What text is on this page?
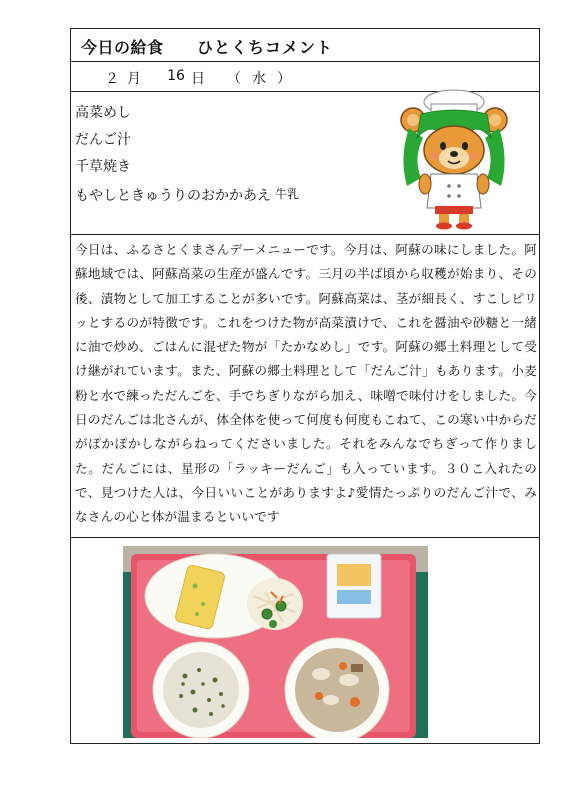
今日の給食 ひとくちコメント
２ 月	16 日	（ 水 ）
高菜めし
だんご汁
千草焼き
もやしときゅうりのおかかあえ 牛乳
今日は、ふるさとくまさんデーメニューです。今月は、阿蘇の味にしました。阿蘇地域では、阿蘇高菜の生産が盛んです。三月の半ば頃から収穫が始まり、その後、漬物として加工することが多いです。阿蘇高菜は、茎が細長く、すこしピリッとするのが特徴です。これをつけた物が高菜漬けで、これを醤油や砂糖と一緒に油で炒め、ごはんに混ぜた物が「たかなめし」です。阿蘇の郷土料理として受け継がれています。また、阿蘇の郷土料理として「だんご汁」もあります。小麦粉と水で練っただんごを、手でちぎりながら加え、味噌で味付けをしました。今日のだんごは北さんが、体全体を使って何度も何度もこねて、この寒い中からだがぽかぽかしながらねってくださいました。それをみんなでちぎって作りました。だんごには、星形の「ラッキーだんご」も入っています。３０こ入れたので、見つけた人は、今日いいことがありますよ♪愛情たっぷりのだんご汁で、みなさんの心と体が温まるといいです
